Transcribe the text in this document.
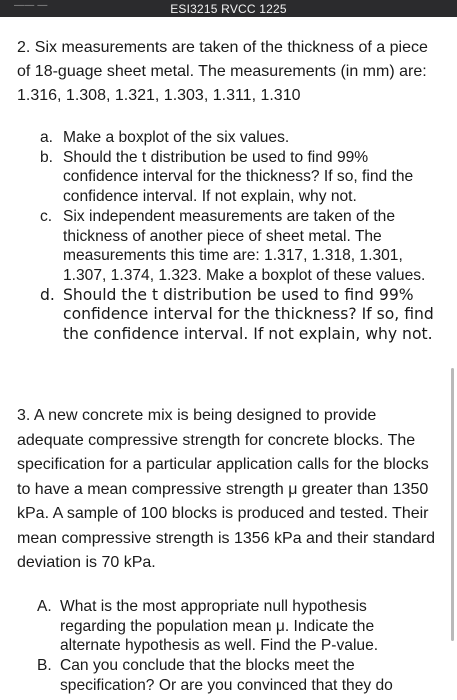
—— —	ESI3215 RVCC 1225
2. Six measurements are taken of the thickness of a piece of 18-guage sheet metal. The measurements (in mm) are: 1.316, 1.308, 1.321, 1.303, 1.311, 1.310
a. Make a boxplot of the six values.
b. Should the t distribution be used to find 99% confidence interval for the thickness? If so, find the confidence interval. If not explain, why not.
c. Six independent measurements are taken of the thickness of another piece of sheet metal. The measurements this time are: 1.317, 1.318, 1.301, 1.307, 1.374, 1.323. Make a boxplot of these values.
d. Should the t distribution be used to find 99% confidence interval for the thickness? If so, find the confidence interval. If not explain, why not.
3. A new concrete mix is being designed to provide adequate compressive strength for concrete blocks. The specification for a particular application calls for the blocks to have a mean compressive strength μ greater than 1350 kPa. A sample of 100 blocks is produced and tested. Their mean compressive strength is 1356 kPa and their standard deviation is 70 kPa.
A. What is the most appropriate null hypothesis regarding the population mean μ. Indicate the alternate hypothesis as well. Find the P-value.
B. Can you conclude that the blocks meet the specification? Or are you convinced that they do
